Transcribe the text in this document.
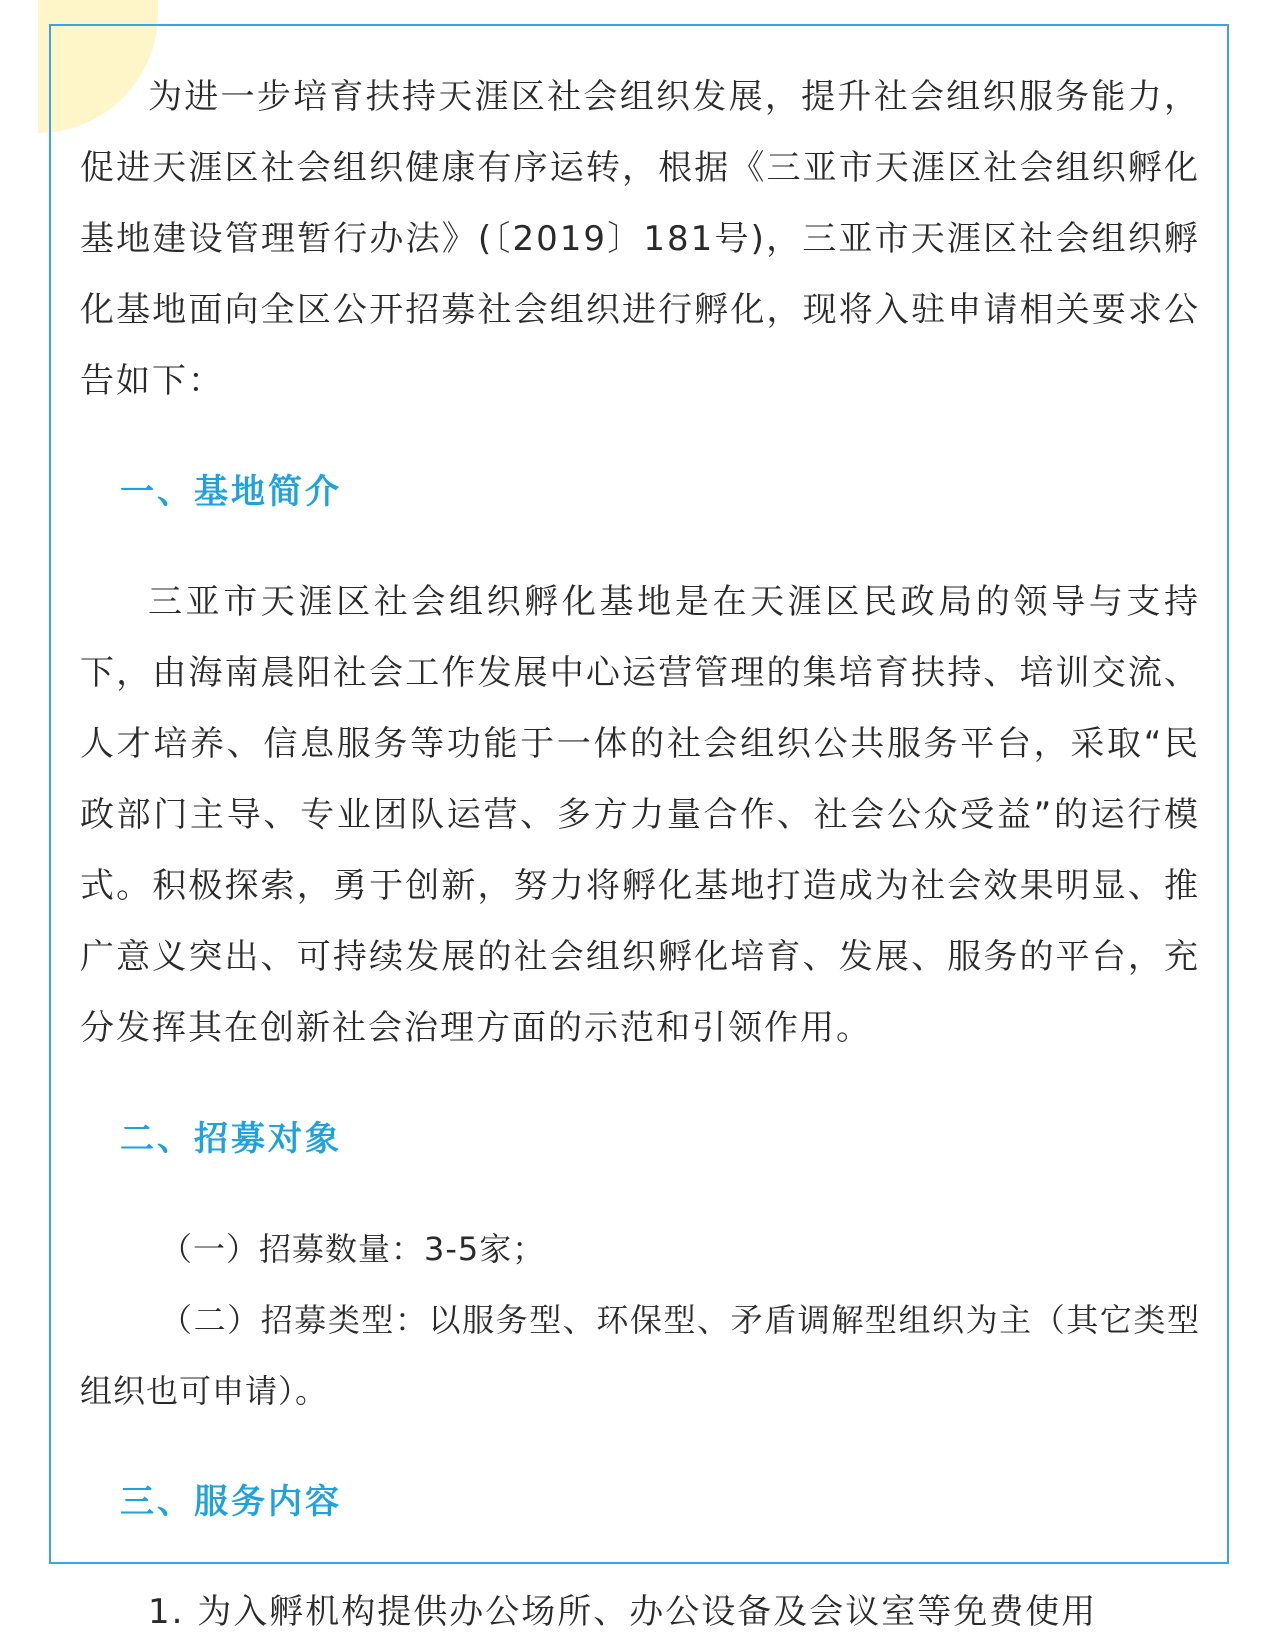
为进一步培育扶持天涯区社会组织发展，提升社会组织服务能力，促进天涯区社会组织健康有序运转，根据《三亚市天涯区社会组织孵化基地建设管理暂行办法》(〔2019〕181号)，三亚市天涯区社会组织孵化基地面向全区公开招募社会组织进行孵化，现将入驻申请相关要求公告如下：

一、基地简介

三亚市天涯区社会组织孵化基地是在天涯区民政局的领导与支持下，由海南晨阳社会工作发展中心运营管理的集培育扶持、培训交流、人才培养、信息服务等功能于一体的社会组织公共服务平台，采取“民政部门主导、专业团队运营、多方力量合作、社会公众受益”的运行模式。积极探索，勇于创新，努力将孵化基地打造成为社会效果明显、推广意义突出、可持续发展的社会组织孵化培育、发展、服务的平台，充分发挥其在创新社会治理方面的示范和引领作用。

二、招募对象

（一）招募数量：3-5家；

（二）招募类型：以服务型、环保型、矛盾调解型组织为主（其它类型组织也可申请）。

三、服务内容

1. 为入孵机构提供办公场所、办公设备及会议室等免费使用
